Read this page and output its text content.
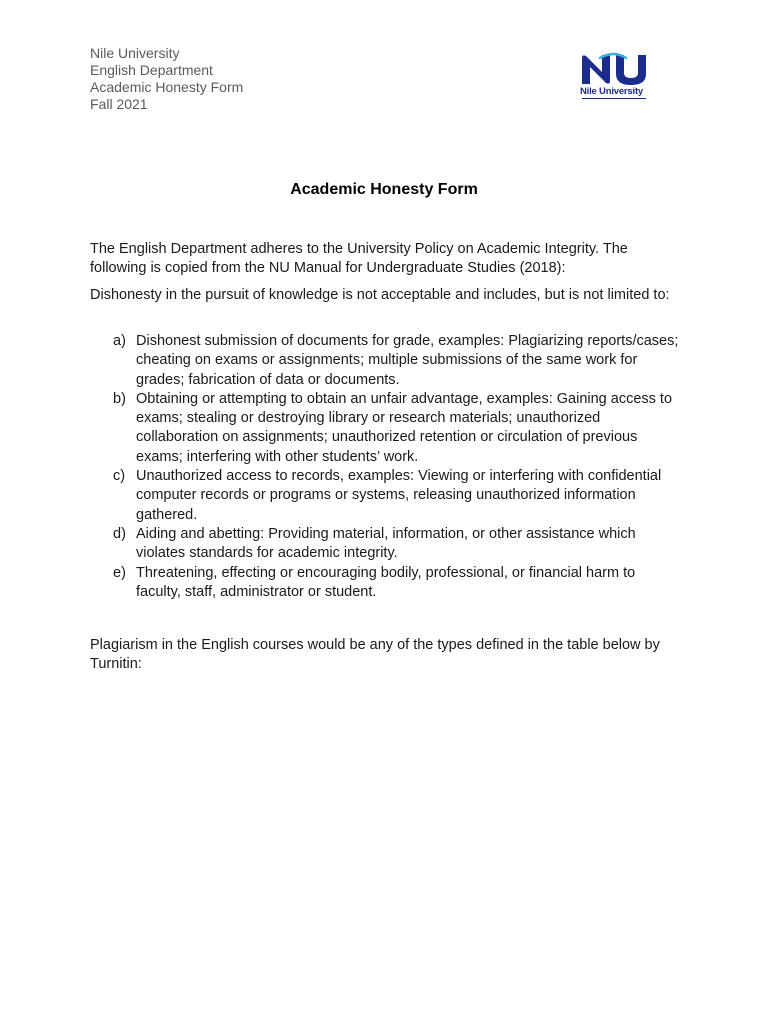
Nile University
English Department
Academic Honesty Form
Fall 2021
Nile University
Academic Honesty Form

The English Department adheres to the University Policy on Academic Integrity. The following is copied from the NU Manual for Undergraduate Studies (2018):

Dishonesty in the pursuit of knowledge is not acceptable and includes, but is not limited to:

a) Dishonest submission of documents for grade, examples: Plagiarizing reports/cases; cheating on exams or assignments; multiple submissions of the same work for grades; fabrication of data or documents.
b) Obtaining or attempting to obtain an unfair advantage, examples: Gaining access to exams; stealing or destroying library or research materials; unauthorized collaboration on assignments; unauthorized retention or circulation of previous exams; interfering with other students’ work.
c) Unauthorized access to records, examples: Viewing or interfering with confidential computer records or programs or systems, releasing unauthorized information gathered.
d) Aiding and abetting: Providing material, information, or other assistance which violates standards for academic integrity.
e) Threatening, effecting or encouraging bodily, professional, or financial harm to faculty, staff, administrator or student.

Plagiarism in the English courses would be any of the types defined in the table below by Turnitin:
